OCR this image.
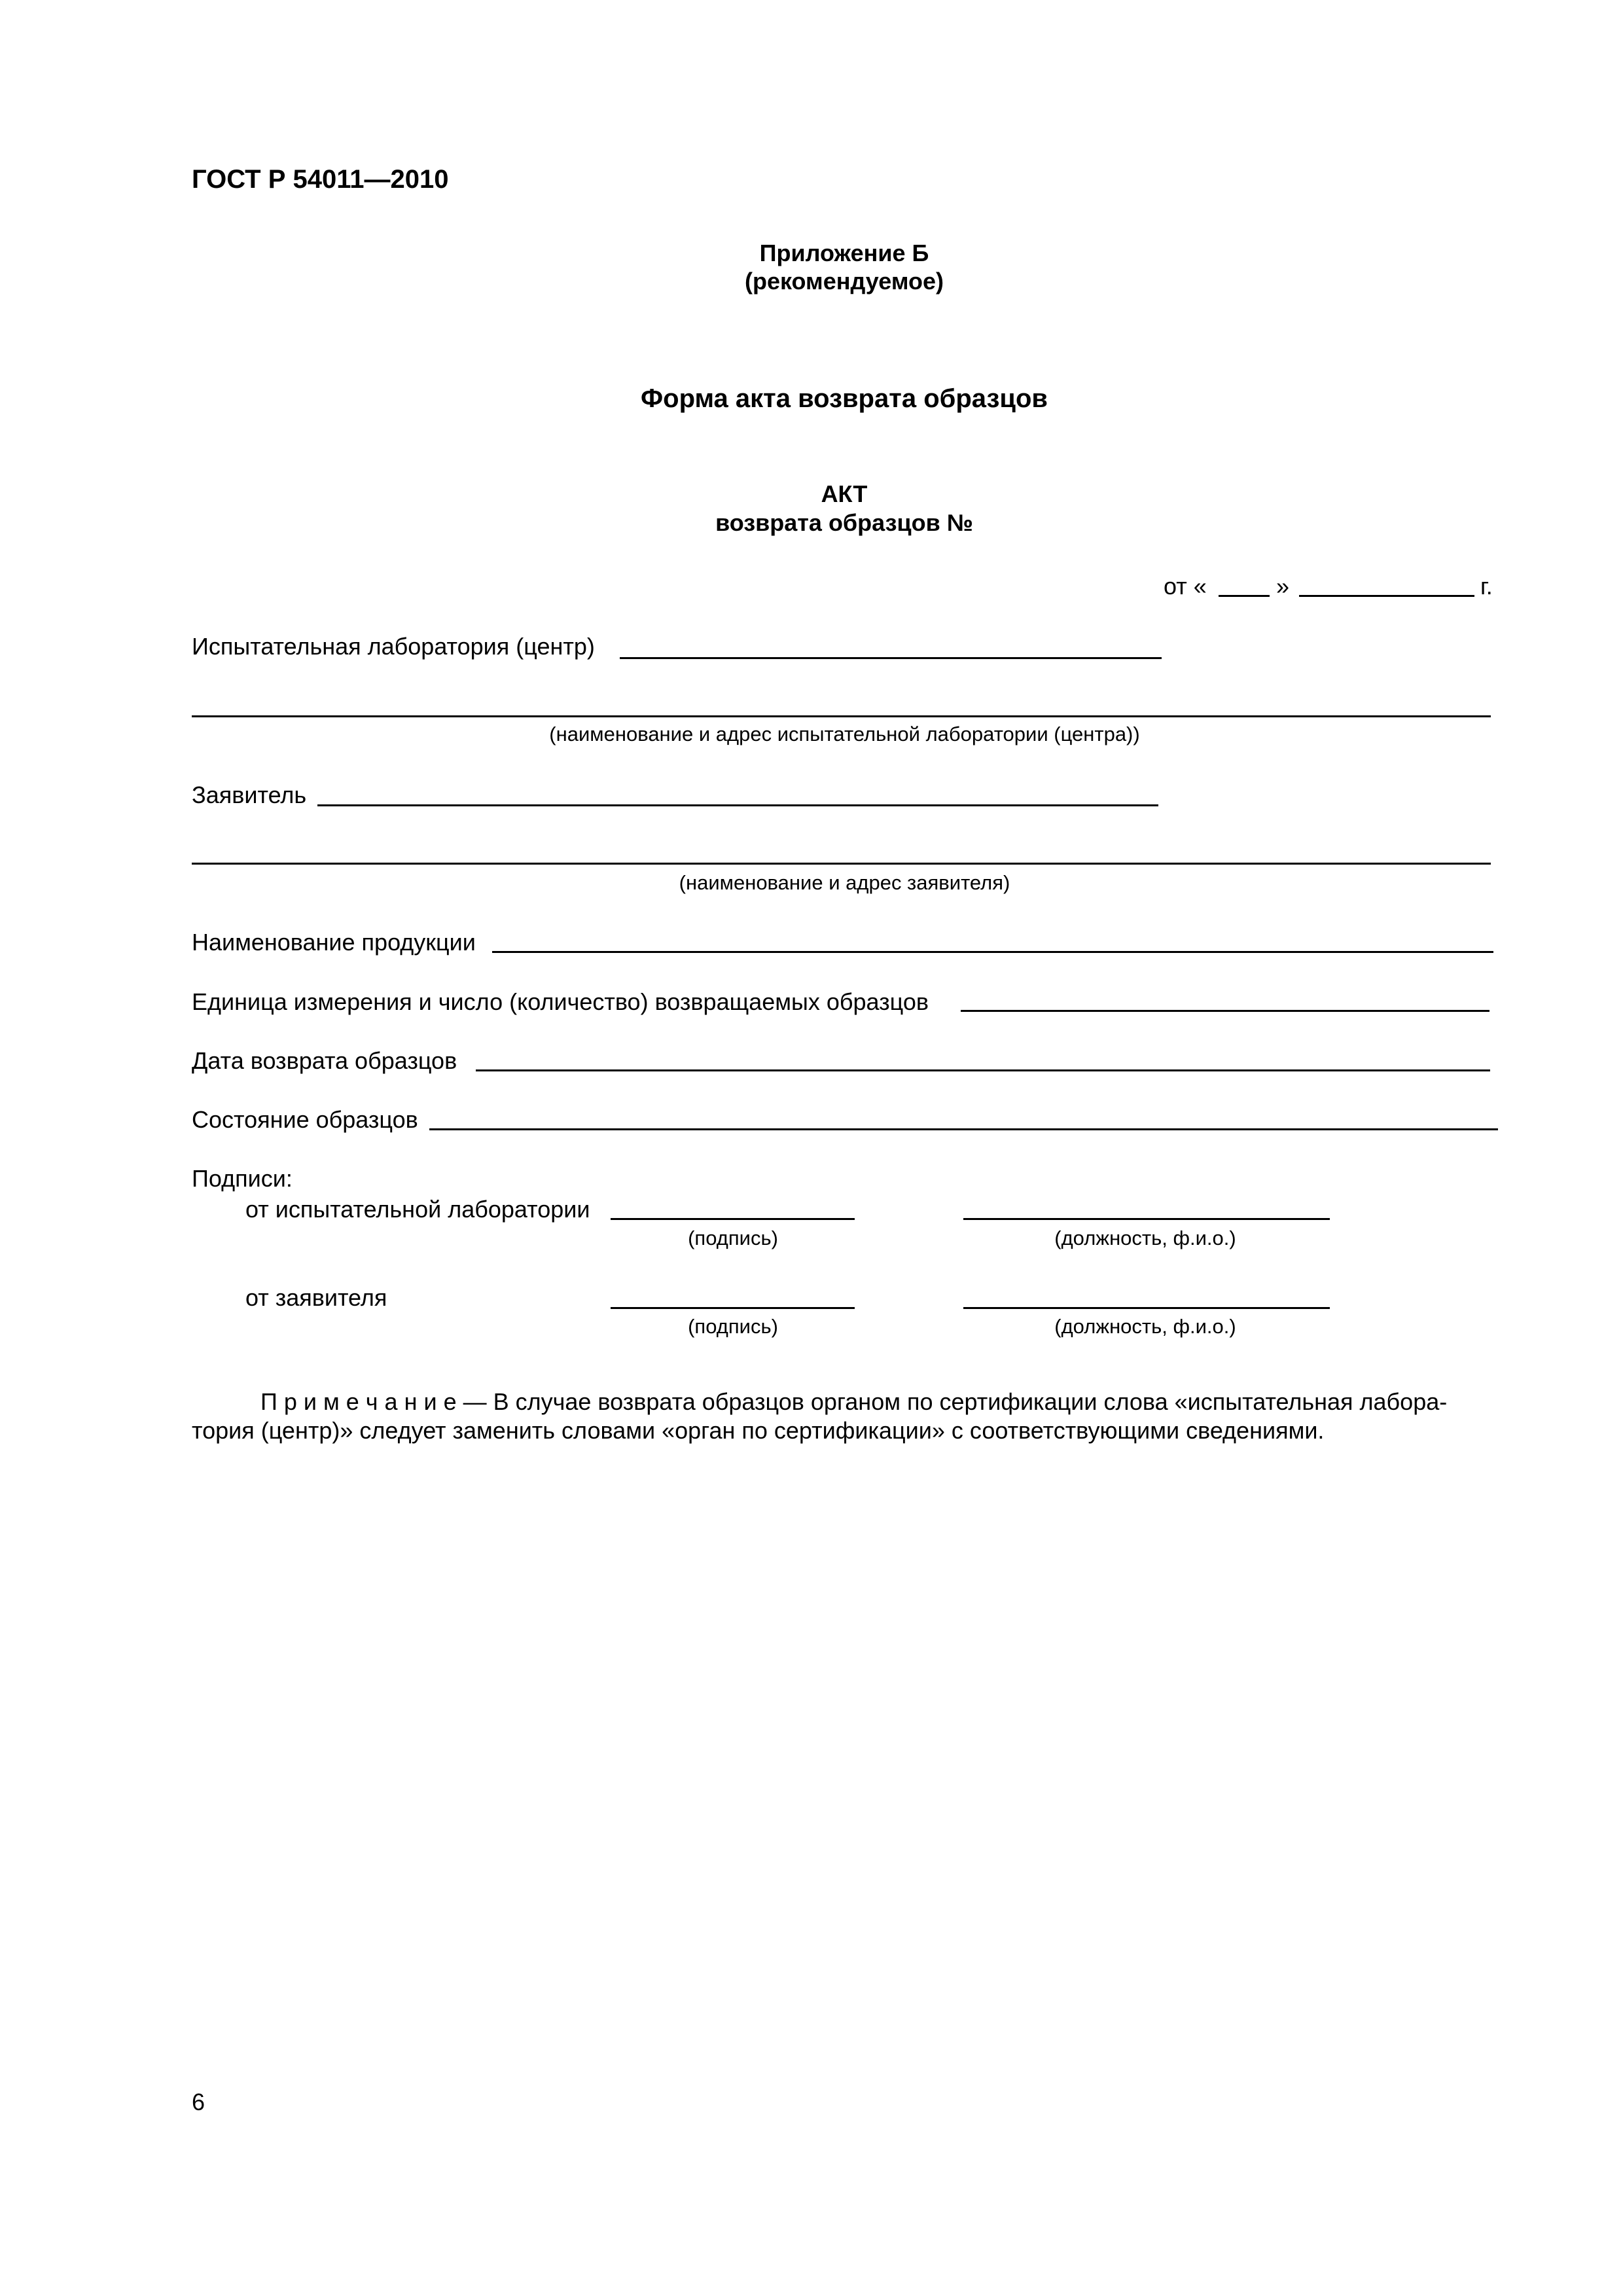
ГОСТ Р 54011—2010
Приложение Б
(рекомендуемое)
Форма акта возврата образцов
АКТ
возврата образцов №
от «	»	г.
Испытательная лаборатория (центр)
(наименование и адрес испытательной лаборатории (центра))
Заявитель
(наименование и адрес заявителя)
Наименование продукции
Единица измерения и число (количество) возвращаемых образцов
Дата возврата образцов
Состояние образцов
Подписи:
от испытательной лаборатории
(подпись)	(должность, ф.и.о.)
от заявителя
(подпись)	(должность, ф.и.о.)
П р и м е ч а н и е — В случае возврата образцов органом по сертификации слова «испытательная лабора-
тория (центр)» следует заменить словами «орган по сертификации» с соответствующими сведениями.
6
